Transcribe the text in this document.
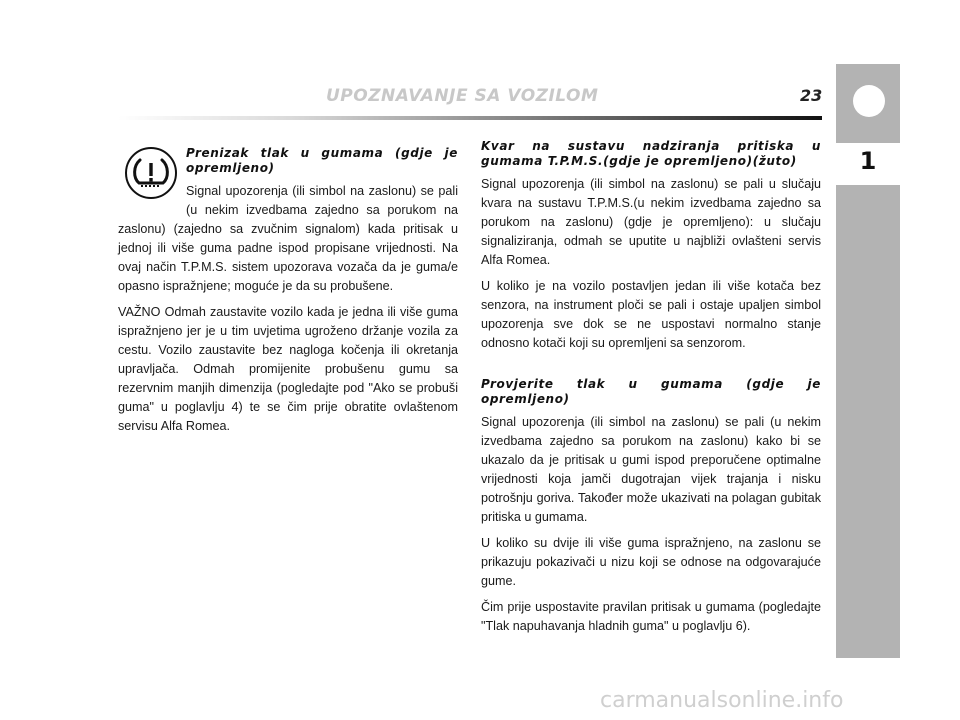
UPOZNAVANJE SA VOZILOM	23
1
Prenizak tlak u gumama (gdje je opremljeno)

Signal upozorenja (ili simbol na zaslonu) se pali (u nekim izvedbama zajedno sa porukom na zaslonu) (zajedno sa zvučnim signalom) kada pritisak u jednoj ili više guma padne ispod propisane vrijednosti. Na ovaj način T.P.M.S. sistem upozorava vozača da je guma/e opasno ispražnjene; moguće je da su probušene.

VAŽNO Odmah zaustavite vozilo kada je jedna ili više guma ispražnjeno jer je u tim uvjetima ugroženo držanje vozila za cestu. Vozilo zaustavite bez nagloga kočenja ili okretanja upravljača. Odmah promijenite probušenu gumu sa rezervnim manjih dimenzija (pogledajte pod "Ako se probuši guma" u poglavlju 4) te se čim prije obratite ovlaštenom servisu Alfa Romea.

Kvar na sustavu nadziranja pritiska u gumama T.P.M.S.(gdje je opremljeno)(žuto)

Signal upozorenja (ili simbol na zaslonu) se pali u slučaju kvara na sustavu T.P.M.S.(u nekim izvedbama zajedno sa porukom na zaslonu) (gdje je opremljeno): u slučaju signaliziranja, odmah se uputite u najbliži ovlašteni servis Alfa Romea.

U koliko je na vozilo postavljen jedan ili više kotača bez senzora, na instrument ploči se pali i ostaje upaljen simbol upozorenja sve dok se ne uspostavi normalno stanje odnosno kotači koji su opremljeni sa senzorom.

Provjerite tlak u gumama (gdje je opremljeno)

Signal upozorenja (ili simbol na zaslonu) se pali (u nekim izvedbama zajedno sa porukom na zaslonu) kako bi se ukazalo da je pritisak u gumi ispod preporučene optimalne vrijednosti koja jamči dugotrajan vijek trajanja i nisku potrošnju goriva. Također može ukazivati na polagan gubitak pritiska u gumama.

U koliko su dvije ili više guma ispražnjeno, na zaslonu se prikazuju pokazivači u nizu koji se odnose na odgovarajuće gume.

Čim prije uspostavite pravilan pritisak u gumama (pogledajte "Tlak napuhavanja hladnih guma" u poglavlju 6).

carmanualsonline.info
